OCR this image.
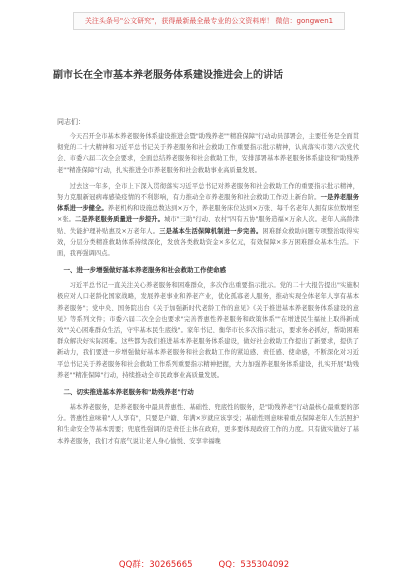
关注头条号"公文研究"，获得最新最全最专业的公文资料库！ 微信：gongwen1
副市长在全市基本养老服务体系建设推进会上的讲话
同志们：

今天召开全市基本养老服务体系建设推进会暨"助残养老""精准保障"行动动员部署会，主要任务是全面贯彻党的二十大精神和习近平总书记关于养老服务和社会救助工作重要指示批示精神，认真落实市第六次党代会、市委六届二次全会要求，全面总结养老服务和社会救助工作，安排部署基本养老服务体系建设和"助残养老""精准保障"行动，扎实推进全市养老服务和社会救助事业高质量发展。

过去这一年多，全市上下深入贯彻落实习近平总书记对养老服务和社会救助工作的重要指示批示精神，努力克服新冠病毒感染疫情的不利影响，有力推动全市养老服务和社会救助工作迈上新台阶。一是养老服务体系进一步健全。养老机构和设施总数达到×万个，养老服务床位达到×万张、每千名老年人拥有床位数增至×张。二是养老服务质量进一步提升。城市"三助"行动、农村"四有五协"服务造福×万余人次。老年人高龄津贴、失能护理补贴惠及×万老年人。三是基本生活保障机制进一步完善。困难群众救助问题专项整治取得实效，分层分类精准救助体系持续深化，发放各类救助资金×多亿元，有效保障×多万困难群众基本生活。下面，我再强调四点。

一、进一步增强做好基本养老服务和社会救助工作使命感

习近平总书记一直关注关心养老服务和困难群众，多次作出重要指示批示。党的二十大报告提出"实施积极应对人口老龄化国家战略，发展养老事业和养老产业，优化孤寡老人服务，推动实现全体老年人享有基本养老服务"；党中央、国务院出台《关于加强新时代老龄工作的意见》《关于推进基本养老服务体系建设的意见》等系列文件；市委六届二次全会也要求"完善普惠性养老服务和政策体系""在增进民生福祉上取得新成效""关心困难群众生活，守牢基本民生底线"。家年书记、衡华市长多次指示批示，要求务必抓好，帮助困难群众解决好实际困难。这些都为我们推进基本养老服务体系建设，做好社会救助工作提出了新要求，提供了新动力，我们要进一步增强做好基本养老服务和社会救助工作的紧迫感、责任感、使命感，不断深化对习近平总书记关于养老服务和社会救助工作系列重要指示精神把握，大力加强养老服务体系建设，扎实开展"助残养老""精准保障"行动，持续推动全市民政事业高质量发展。

二、切实推进基本养老服务和"助残养老"行动

基本养老服务，是养老服务中最具普惠性、基础性、兜底性的服务，是"助残养老"行动最核心最重要的部分。普惠性意味着"人人享有"，只要是户籍、年满×岁就应该享受；基础性则意味着重点保障老年人生活照护和生命安全等基本需要；兜底性强调的是责任主体在政府，更多要体现政府工作的力度。只有做实做好了基本养老服务，我们才有底气说让老人身心愉悦、安享幸福晚

QQ群：30265665	QQ：535304092
